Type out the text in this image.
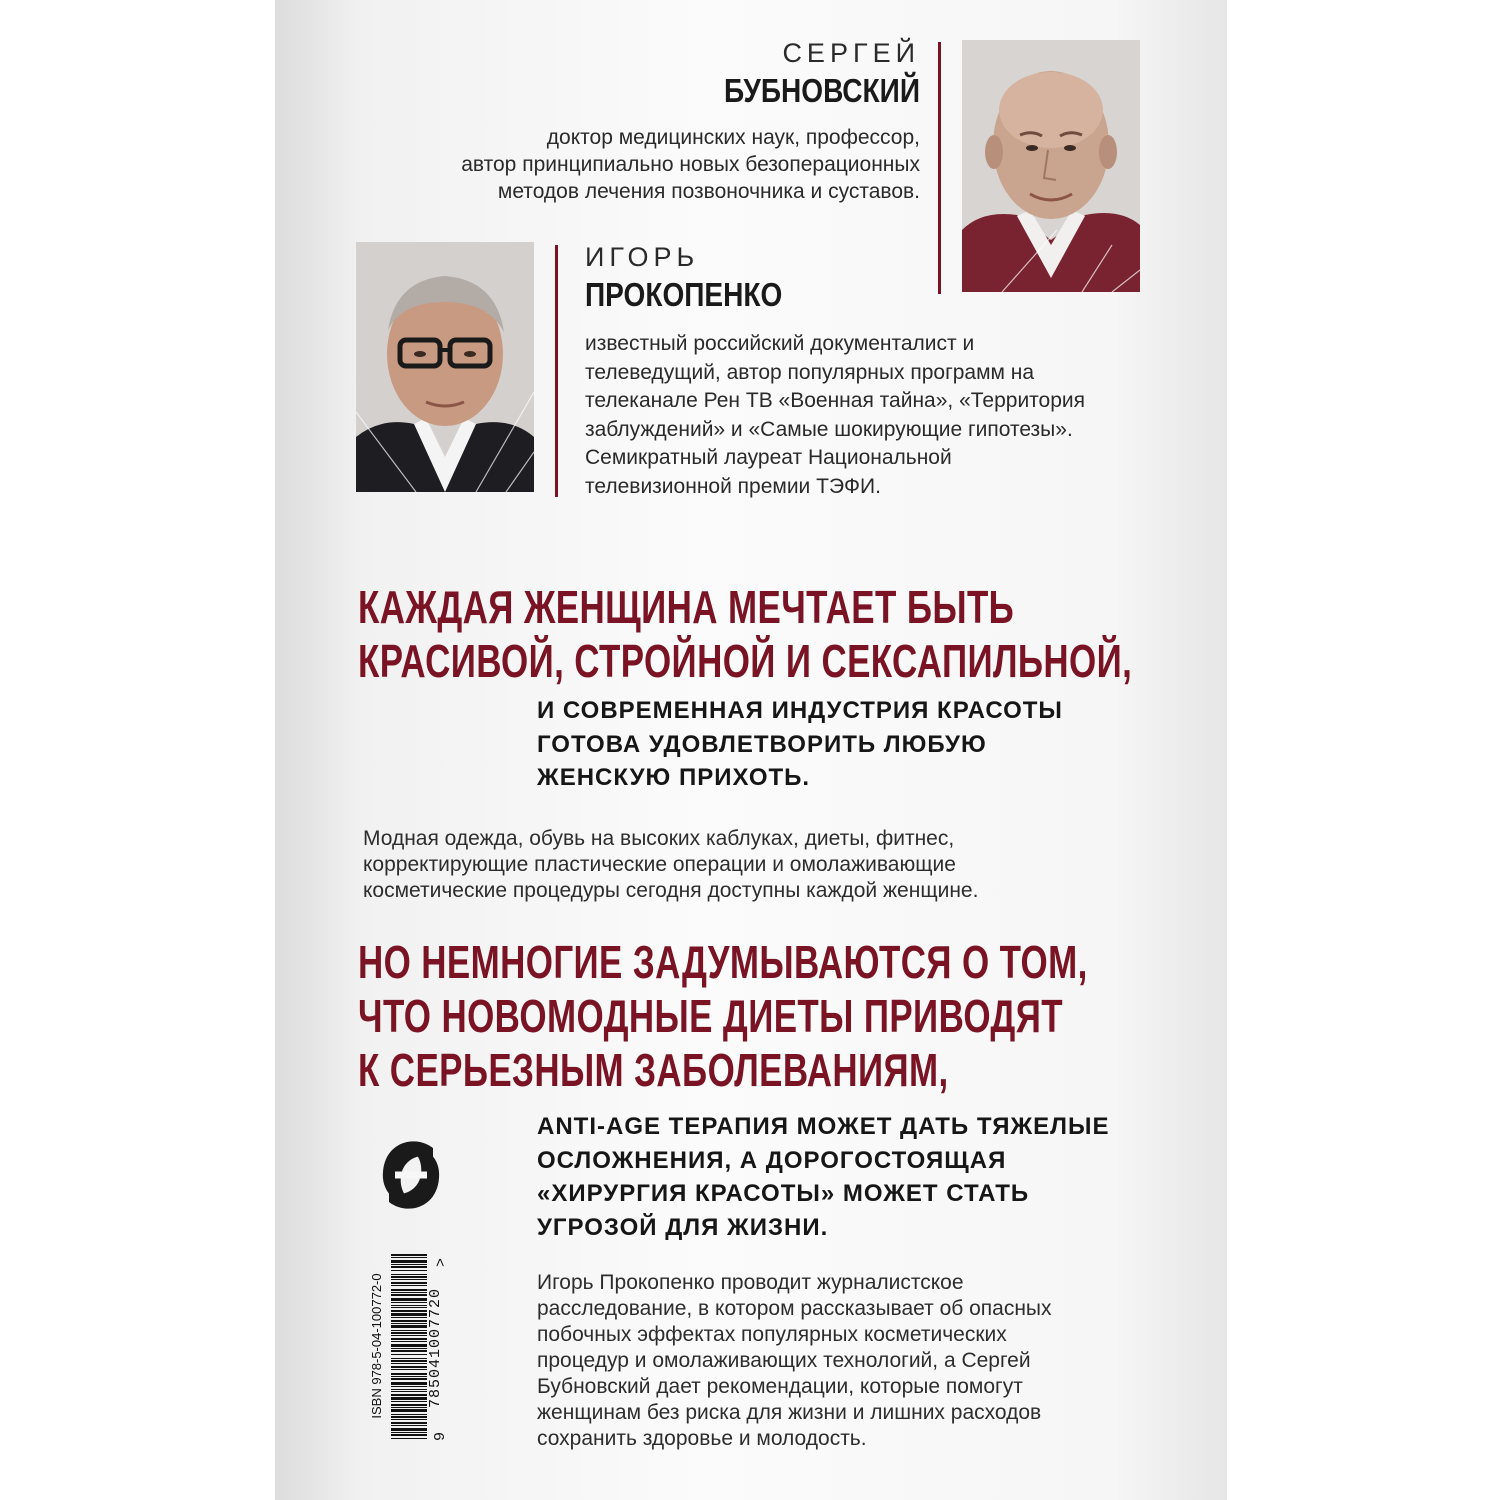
СЕРГЕЙ
БУБНОВСКИЙ
доктор медицинских наук, профессор,
автор принципиально новых безоперационных
методов лечения позвоночника и суставов.
ИГОРЬ
ПРОКОПЕНКО
известный российский документалист и
телеведущий, автор популярных программ на
телеканале Рен ТВ «Военная тайна», «Территория
заблуждений» и «Самые шокирующие гипотезы».
Семикратный лауреат Национальной
телевизионной премии ТЭФИ.
КАЖДАЯ ЖЕНЩИНА МЕЧТАЕТ БЫТЬ
КРАСИВОЙ, СТРОЙНОЙ И СЕКСАПИЛЬНОЙ,
И СОВРЕМЕННАЯ ИНДУСТРИЯ КРАСОТЫ
ГОТОВА УДОВЛЕТВОРИТЬ ЛЮБУЮ
ЖЕНСКУЮ ПРИХОТЬ.
Модная одежда, обувь на высоких каблуках, диеты, фитнес,
корректирующие пластические операции и омолаживающие
косметические процедуры сегодня доступны каждой женщине.
НО НЕМНОГИЕ ЗАДУМЫВАЮТСЯ О ТОМ,
ЧТО НОВОМОДНЫЕ ДИЕТЫ ПРИВОДЯТ
К СЕРЬЕЗНЫМ ЗАБОЛЕВАНИЯМ,
ANTI-AGE ТЕРАПИЯ МОЖЕТ ДАТЬ ТЯЖЕЛЫЕ
ОСЛОЖНЕНИЯ, А ДОРОГОСТОЯЩАЯ
«ХИРУРГИЯ КРАСОТЫ» МОЖЕТ СТАТЬ
УГРОЗОЙ ДЛЯ ЖИЗНИ.
ISBN 978-5-04-100772-0	785041007720
9
>
Игорь Прокопенко проводит журналистское
расследование, в котором рассказывает об опасных
побочных эффектах популярных косметических
процедур и омолаживающих технологий, а Сергей
Бубновский дает рекомендации, которые помогут
женщинам без риска для жизни и лишних расходов
сохранить здоровье и молодость.
